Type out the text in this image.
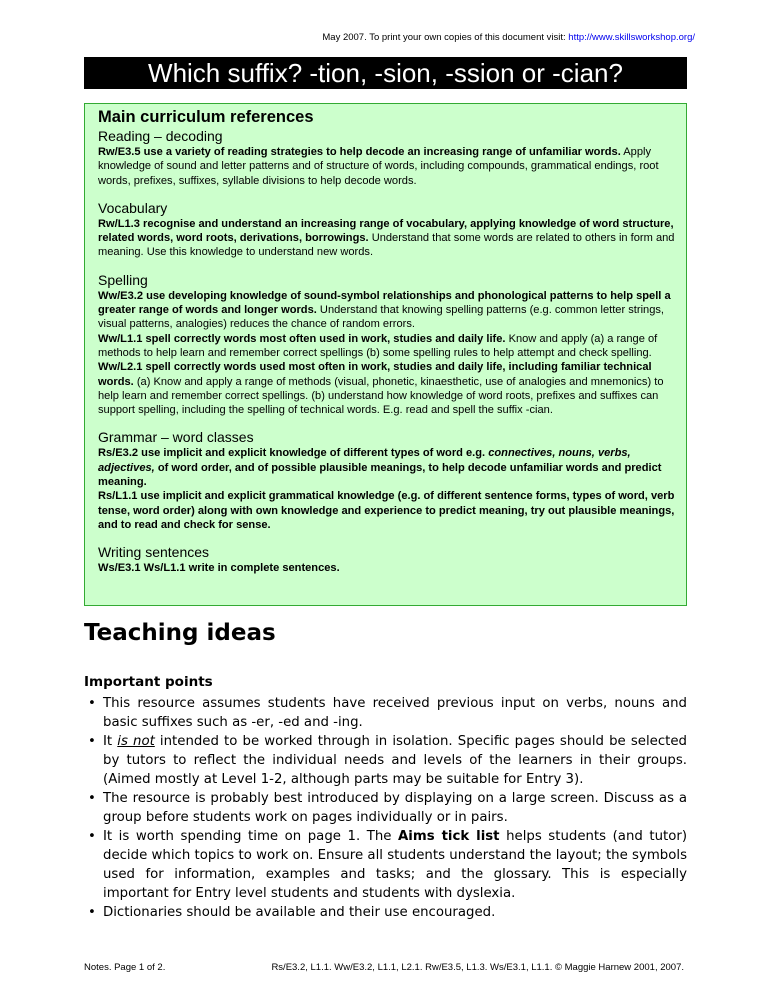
May 2007. To print your own copies of this document visit: http://www.skillsworkshop.org/
Which suffix? -tion, -sion, -ssion or -cian?

Main curriculum references

Reading – decoding

Rw/E3.5 use a variety of reading strategies to help decode an increasing range of unfamiliar words. Apply knowledge of sound and letter patterns and of structure of words, including compounds, grammatical endings, root words, prefixes, suffixes, syllable divisions to help decode words.

Vocabulary

Rw/L1.3 recognise and understand an increasing range of vocabulary, applying knowledge of word structure, related words, word roots, derivations, borrowings. Understand that some words are related to others in form and meaning. Use this knowledge to understand new words.

Spelling

Ww/E3.2 use developing knowledge of sound-symbol relationships and phonological patterns to help spell a greater range of words and longer words. Understand that knowing spelling patterns (e.g. common letter strings, visual patterns, analogies) reduces the chance of random errors.
Ww/L1.1 spell correctly words most often used in work, studies and daily life. Know and apply (a) a range of methods to help learn and remember correct spellings (b) some spelling rules to help attempt and check spelling.
Ww/L2.1 spell correctly words used most often in work, studies and daily life, including familiar technical words. (a) Know and apply a range of methods (visual, phonetic, kinaesthetic, use of analogies and mnemonics) to help learn and remember correct spellings. (b) understand how knowledge of word roots, prefixes and suffixes can support spelling, including the spelling of technical words. E.g. read and spell the suffix -cian.

Grammar – word classes

Rs/E3.2 use implicit and explicit knowledge of different types of word e.g. connectives, nouns, verbs, adjectives, of word order, and of possible plausible meanings, to help decode unfamiliar words and predict meaning.
Rs/L1.1 use implicit and explicit grammatical knowledge (e.g. of different sentence forms, types of word, verb tense, word order) along with own knowledge and experience to predict meaning, try out plausible meanings, and to read and check for sense.

Writing sentences

Ws/E3.1 Ws/L1.1 write in complete sentences.

Teaching ideas
Important points
• This resource assumes students have received previous input on verbs, nouns and basic suffixes such as -er, -ed and -ing.
• It is not intended to be worked through in isolation. Specific pages should be selected by tutors to reflect the individual needs and levels of the learners in their groups. (Aimed mostly at Level 1-2, although parts may be suitable for Entry 3).
• The resource is probably best introduced by displaying on a large screen. Discuss as a group before students work on pages individually or in pairs.
• It is worth spending time on page 1. The Aims tick list helps students (and tutor) decide which topics to work on. Ensure all students understand the layout; the symbols used for information, examples and tasks; and the glossary. This is especially important for Entry level students and students with dyslexia.
• Dictionaries should be available and their use encouraged.
Notes. Page 1 of 2.	Rs/E3.2, L1.1. Ww/E3.2, L1.1, L2.1. Rw/E3.5, L1.3. Ws/E3.1, L1.1. © Maggie Harnew 2001, 2007.
